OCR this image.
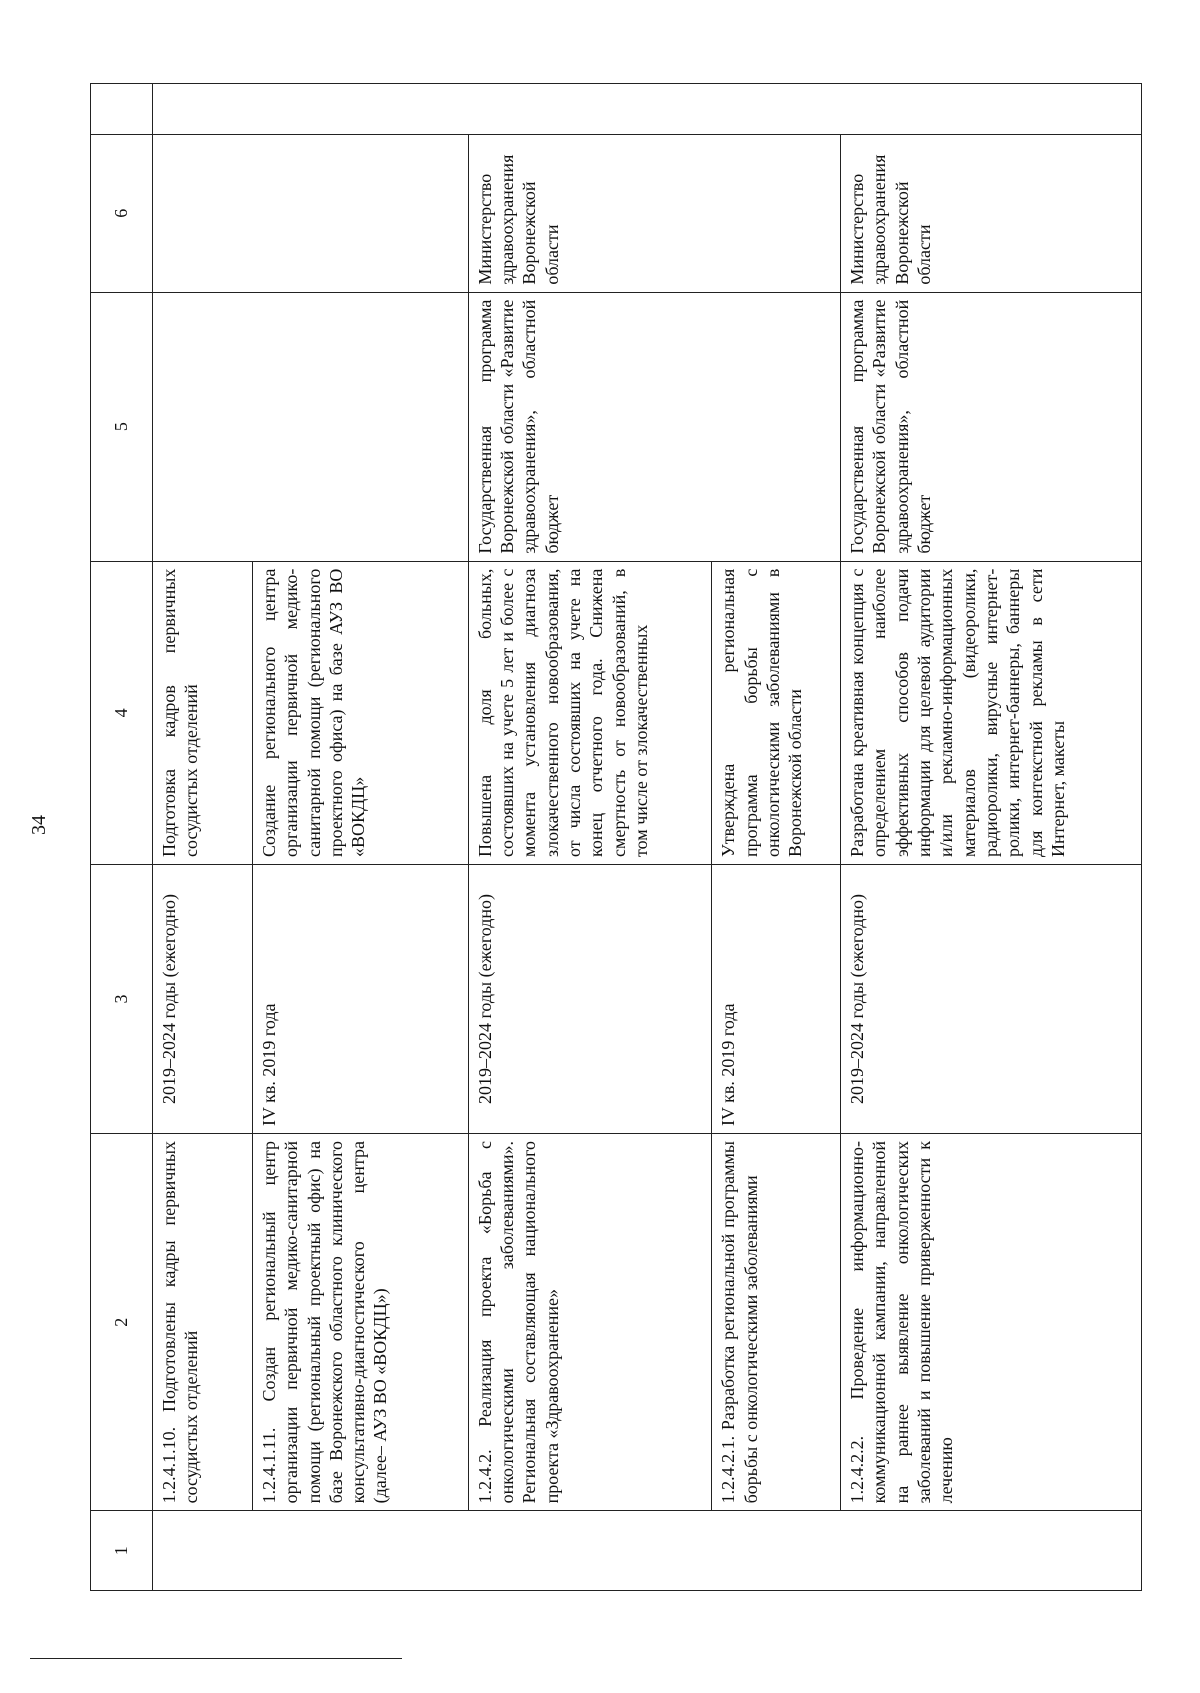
34
1	2	3	4	5	6	
	1.2.4.1.10. Подготовлены кадры первичных сосудистых отделений	2019–2024 годы (ежегодно)	Подготовка кадров первичных сосудистых отделений			
	1.2.4.1.11. Создан региональный центр организации первичной медико-санитарной помощи (региональный проектный офис) на базе Воронежского областного клинического консультативно-диагностического центра (далее– АУЗ ВО «ВОКДЦ»)	IV кв. 2019 года	Создание регионального центра организации первичной медико-санитарной помощи (регионального проектного офиса) на базе АУЗ ВО «ВОКДЦ»			
	1.2.4.2. Реализация проекта «Борьба с онкологическими заболеваниями». Региональная составляющая национального проекта «Здравоохранение»	2019–2024 годы (ежегодно)	Повышена доля больных, состоявших на учете 5 лет и более с момента установления диагноза злокачественного новообразования, от числа состоявших на учете на конец отчетного года. Снижена смертность от новообразований, в том числе от злокачественных	Государственная программа Воронежской области «Развитие здравоохранения», областной бюджет	Министерство здравоохранения Воронежской области	
	1.2.4.2.1. Разработка региональной программы борьбы с онкологическими заболеваниями	IV кв. 2019 года	Утверждена региональная программа борьбы с онкологическими заболеваниями в Воронежской области			
	1.2.4.2.2. Проведение информационно-коммуникационной кампании, направленной на раннее выявление онкологических заболеваний и повышение приверженности к лечению	2019–2024 годы (ежегодно)	Разработана креативная концепция с определением наиболее эффективных способов подачи информации для целевой аудитории и/или рекламно-информационных материалов (видеоролики, радиоролики, вирусные интернет-ролики, интернет-баннеры, баннеры для контекстной рекламы в сети Интернет, макеты	Государственная программа Воронежской области «Развитие здравоохранения», областной бюджет	Министерство здравоохранения Воронежской области	
